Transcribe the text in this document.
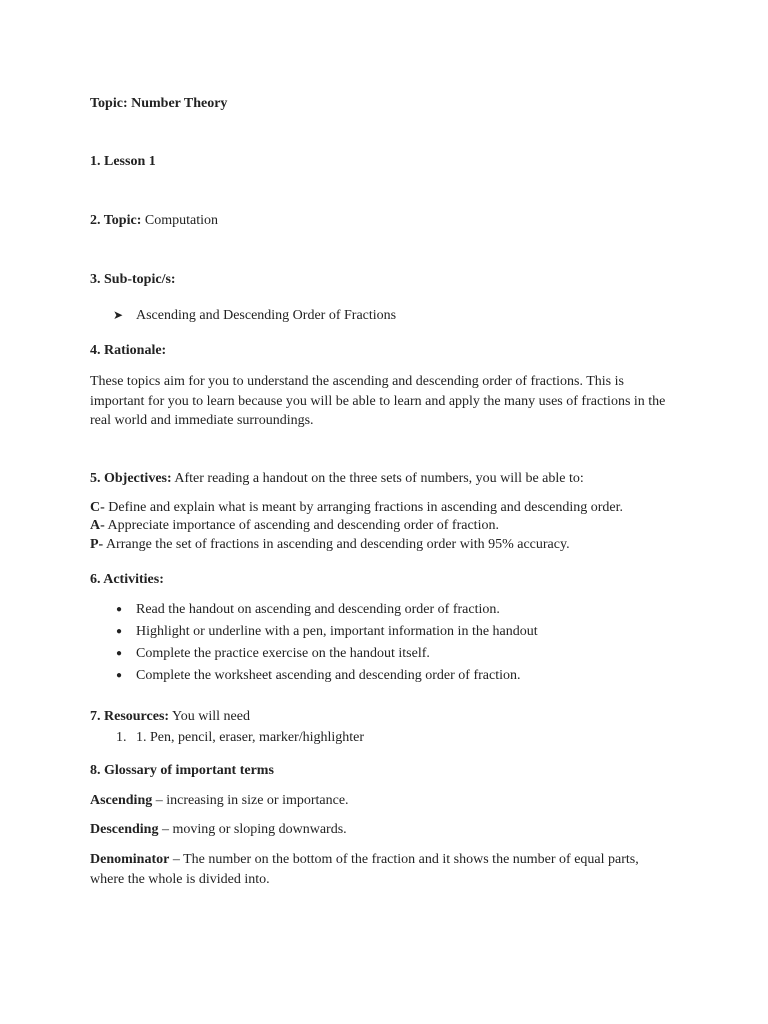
Topic: Number Theory
1. Lesson 1
2. Topic: Computation
3. Sub-topic/s:
➤ Ascending and Descending Order of Fractions
4. Rationale:
These topics aim for you to understand the ascending and descending order of fractions. This is important for you to learn because you will be able to learn and apply the many uses of fractions in the real world and immediate surroundings.
5. Objectives: After reading a handout on the three sets of numbers, you will be able to:
C- Define and explain what is meant by arranging fractions in ascending and descending order.
A- Appreciate importance of ascending and descending order of fraction.
P- Arrange the set of fractions in ascending and descending order with 95% accuracy.
6. Activities:
● Read the handout on ascending and descending order of fraction.
● Highlight or underline with a pen, important information in the handout
● Complete the practice exercise on the handout itself.
● Complete the worksheet ascending and descending order of fraction.
7. Resources: You will need
1. 1. Pen, pencil, eraser, marker/highlighter
8. Glossary of important terms
Ascending – increasing in size or importance.
Descending – moving or sloping downwards.
Denominator – The number on the bottom of the fraction and it shows the number of equal parts, where the whole is divided into.
